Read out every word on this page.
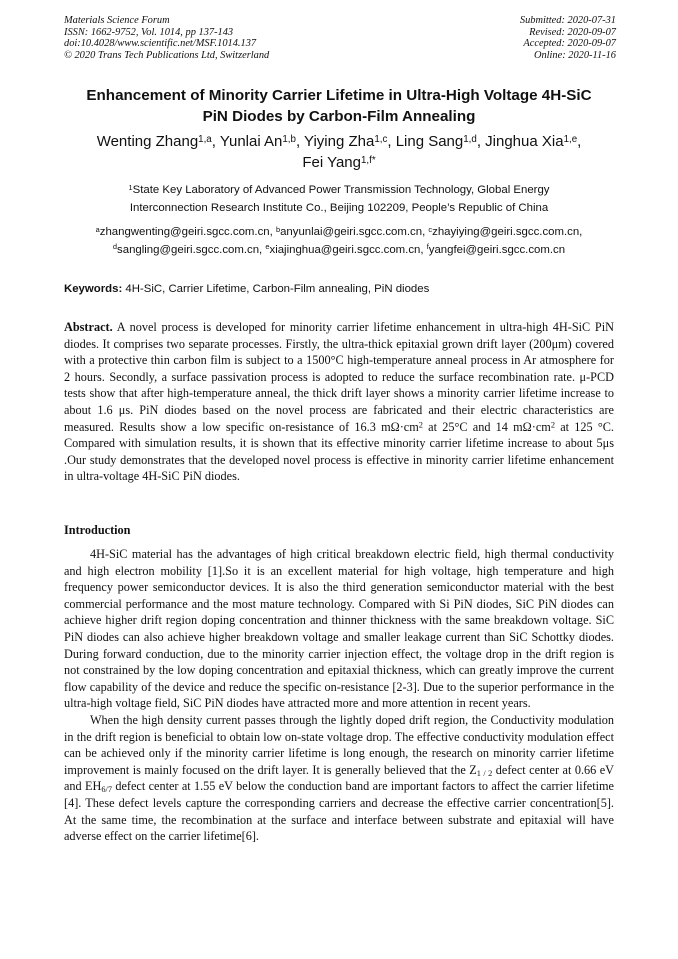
Materials Science Forum
ISSN: 1662-9752, Vol. 1014, pp 137-143
doi:10.4028/www.scientific.net/MSF.1014.137
© 2020 Trans Tech Publications Ltd, Switzerland
Submitted: 2020-07-31
Revised: 2020-09-07
Accepted: 2020-09-07
Online: 2020-11-16
Enhancement of Minority Carrier Lifetime in Ultra-High Voltage 4H-SiC
PiN Diodes by Carbon-Film Annealing
Wenting Zhang$^{1,a}$, Yunlai An$^{1,b}$, Yiying Zha$^{1,c}$, Ling Sang$^{1,d}$, Jinghua Xia$^{1,e}$,
Fei Yang$^{1,f*}$
$^1$State Key Laboratory of Advanced Power Transmission Technology, Global Energy
Interconnection Research Institute Co., Beijing 102209, People’s Republic of China
$^a$zhangwenting@geiri.sgcc.com.cn, $^b$anyunlai@geiri.sgcc.com.cn, $^c$zhayiying@geiri.sgcc.com.cn,
$^d$sangling@geiri.sgcc.com.cn, $^e$xiajinghua@geiri.sgcc.com.cn, $^f$yangfei@geiri.sgcc.com.cn
Keywords: 4H-SiC, Carrier Lifetime, Carbon-Film annealing, PiN diodes
Abstract. A novel process is developed for minority carrier lifetime enhancement in ultra-high 4H-SiC PiN diodes. It comprises two separate processes. Firstly, the ultra-thick epitaxial grown drift layer (200μm) covered with a protective thin carbon film is subject to a 1500°C high-temperature anneal process in Ar atmosphere for 2 hours. Secondly, a surface passivation process is adopted to reduce the surface recombination rate. μ-PCD tests show that after high-temperature anneal, the thick drift layer shows a minority carrier lifetime increase to about 1.6 μs. PiN diodes based on the novel process are fabricated and their electric characteristics are measured. Results show a low specific on-resistance of 16.3 $m\Omega\cdot cm^2$ at 25°C and 14 $m\Omega\cdot cm^2$ at 125 °C. Compared with simulation results, it is shown that its effective minority carrier lifetime increase to about 5μs .Our study demonstrates that the developed novel process is effective in minority carrier lifetime enhancement in ultra-voltage 4H-SiC PiN diodes.
Introduction

4H-SiC material has the advantages of high critical breakdown electric field, high thermal conductivity and high electron mobility [1].So it is an excellent material for high voltage, high temperature and high frequency power semiconductor devices. It is also the third generation semiconductor material with the best commercial performance and the most mature technology. Compared with Si PiN diodes, SiC PiN diodes can achieve higher drift region doping concentration and thinner thickness with the same breakdown voltage. SiC PiN diodes can also achieve higher breakdown voltage and smaller leakage current than SiC Schottky diodes. During forward conduction, due to the minority carrier injection effect, the voltage drop in the drift region is not constrained by the low doping concentration and epitaxial thickness, which can greatly improve the current flow capability of the device and reduce the specific on-resistance [2-3]. Due to the superior performance in the ultra-high voltage field, SiC PiN diodes have attracted more and more attention in recent years.

When the high density current passes through the lightly doped drift region, the Conductivity modulation in the drift region is beneficial to obtain low on-state voltage drop. The effective conductivity modulation effect can be achieved only if the minority carrier lifetime is long enough, the research on minority carrier lifetime improvement is mainly focused on the drift layer. It is generally believed that the $Z_{1 / 2}$ defect center at 0.66 eV and $EH_{6/7}$ defect center at 1.55 eV below the conduction band are important factors to affect the carrier lifetime [4]. These defect levels capture the corresponding carriers and decrease the effective carrier concentration[5]. At the same time, the recombination at the surface and interface between substrate and epitaxial will have adverse effect on the carrier lifetime[6].
